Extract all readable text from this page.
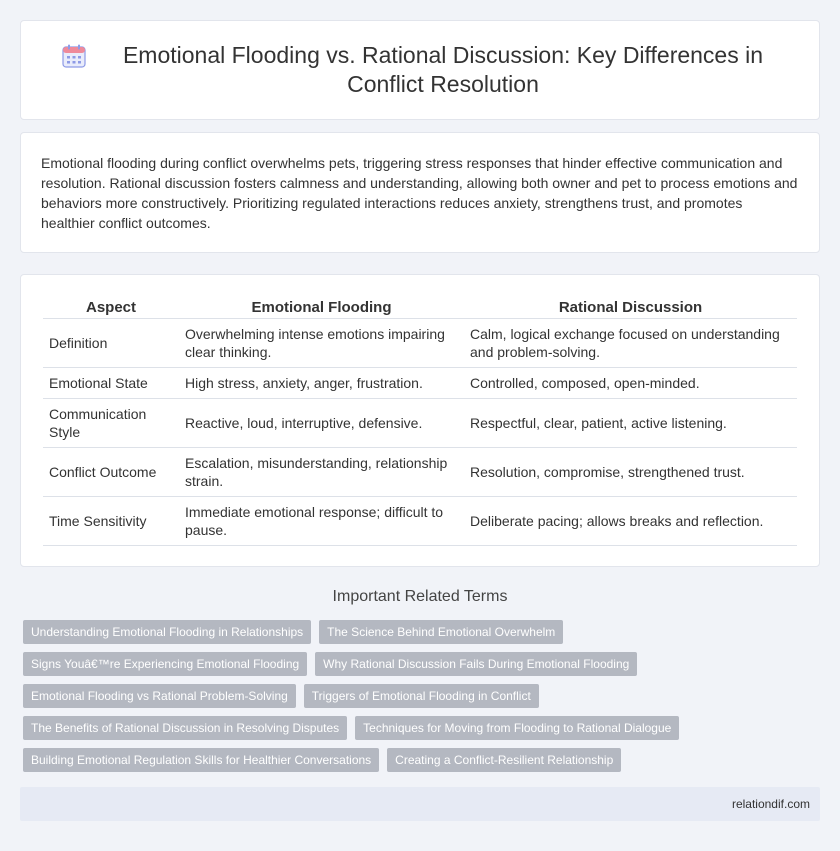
Emotional Flooding vs. Rational Discussion: Key Differences in Conflict Resolution

Emotional flooding during conflict overwhelms pets, triggering stress responses that hinder effective communication and resolution. Rational discussion fosters calmness and understanding, allowing both owner and pet to process emotions and behaviors more constructively. Prioritizing regulated interactions reduces anxiety, strengthens trust, and promotes healthier conflict outcomes.

Aspect	Emotional Flooding	Rational Discussion
Definition	Overwhelming intense emotions impairing clear thinking.	Calm, logical exchange focused on understanding and problem-solving.
Emotional State	High stress, anxiety, anger, frustration.	Controlled, composed, open-minded.
Communication Style	Reactive, loud, interruptive, defensive.	Respectful, clear, patient, active listening.
Conflict Outcome	Escalation, misunderstanding, relationship strain.	Resolution, compromise, strengthened trust.
Time Sensitivity	Immediate emotional response; difficult to pause.	Deliberate pacing; allows breaks and reflection.
Important Related Terms
Understanding Emotional Flooding in Relationships	The Science Behind Emotional Overwhelm
Signs Youâ€™re Experiencing Emotional Flooding	Why Rational Discussion Fails During Emotional Flooding
Emotional Flooding vs Rational Problem-Solving	Triggers of Emotional Flooding in Conflict
The Benefits of Rational Discussion in Resolving Disputes	Techniques for Moving from Flooding to Rational Dialogue
Building Emotional Regulation Skills for Healthier Conversations	Creating a Conflict-Resilient Relationship
relationdif.com
